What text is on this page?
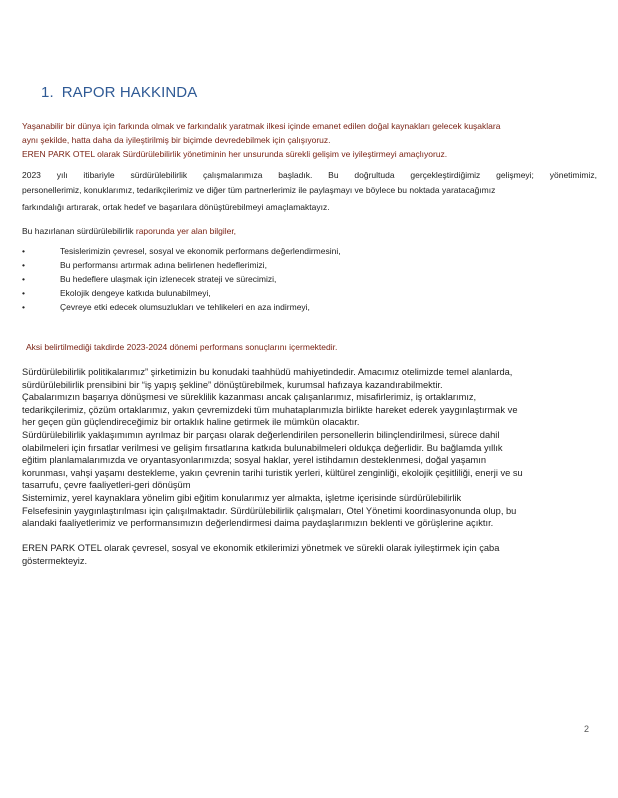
1. RAPOR HAKKINDA
Yaşanabilir bir dünya için farkında olmak ve farkındalık yaratmak ilkesi içinde emanet edilen doğal kaynakları gelecek kuşaklara
aynı şekilde, hatta daha da iyileştirilmiş bir biçimde devredebilmek için çalışıyoruz.
EREN PARK OTEL olarak Sürdürülebilirlik yönetiminin her unsurunda sürekli gelişim ve iyileştirmeyi amaçlıyoruz.
2023 yılı itibariyle sürdürülebilirlik çalışmalarımıza başladık. Bu doğrultuda gerçekleştirdiğimiz gelişmeyi; yönetimimiz,
personellerimiz, konuklarımız, tedarikçilerimiz ve diğer tüm partnerlerimiz ile paylaşmayı ve böylece bu noktada yaratacağımız
farkındalığı artırarak, ortak hedef ve başarılara dönüştürebilmeyi amaçlamaktayız.
Bu hazırlanan sürdürülebilirlik raporunda yer alan bilgiler,
•	Tesislerimizin çevresel, sosyal ve ekonomik performans değerlendirmesini,
•	Bu performansı artırmak adına belirlenen hedeflerimizi,
•	Bu hedeflere ulaşmak için izlenecek strateji ve sürecimizi,
•	Ekolojik dengeye katkıda bulunabilmeyi,
•	Çevreye etki edecek olumsuzlukları ve tehlikeleri en aza indirmeyi,
Aksi belirtilmediği takdirde 2023-2024 dönemi performans sonuçlarını içermektedir.
Sürdürülebilirlik politikalarımız” şirketimizin bu konudaki taahhüdü mahiyetindedir. Amacımız otelimizde temel alanlarda,
sürdürülebilirlik prensibini bir “iş yapış şekline” dönüştürebilmek, kurumsal hafızaya kazandırabilmektir.
Çabalarımızın başarıya dönüşmesi ve süreklilik kazanması ancak çalışanlarımız, misafirlerimiz, iş ortaklarımız,
tedarikçilerimiz, çözüm ortaklarımız, yakın çevremizdeki tüm muhataplarımızla birlikte hareket ederek yaygınlaştırmak ve
her geçen gün güçlendireceğimiz bir ortaklık haline getirmek ile mümkün olacaktır.
Sürdürülebilirlik yaklaşımımın ayrılmaz bir parçası olarak değerlendirilen personellerin bilinçlendirilmesi, sürece dahil
olabilmeleri için fırsatlar verilmesi ve gelişim fırsatlarına katkıda bulunabilmeleri oldukça değerlidir. Bu bağlamda yıllık
eğitim planlamalarımızda ve oryantasyonlarımızda; sosyal haklar, yerel istihdamın desteklenmesi, doğal yaşamın
korunması, vahşi yaşamı destekleme, yakın çevrenin tarihi turistik yerleri, kültürel zenginliği, ekolojik çeşitliliği, enerji ve su
tasarrufu, çevre faaliyetleri-geri dönüşüm
Sistemimiz, yerel kaynaklara yönelim gibi eğitim konularımız yer almakta, işletme içerisinde sürdürülebilirlik
Felsefesinin yaygınlaştırılması için çalışılmaktadır. Sürdürülebilirlik çalışmaları, Otel Yönetimi koordinasyonunda olup, bu
alandaki faaliyetlerimiz ve performansımızın değerlendirmesi daima paydaşlarımızın beklenti ve görüşlerine açıktır.
EREN PARK OTEL olarak çevresel, sosyal ve ekonomik etkilerimizi yönetmek ve sürekli olarak iyileştirmek için çaba
göstermekteyiz.
2
